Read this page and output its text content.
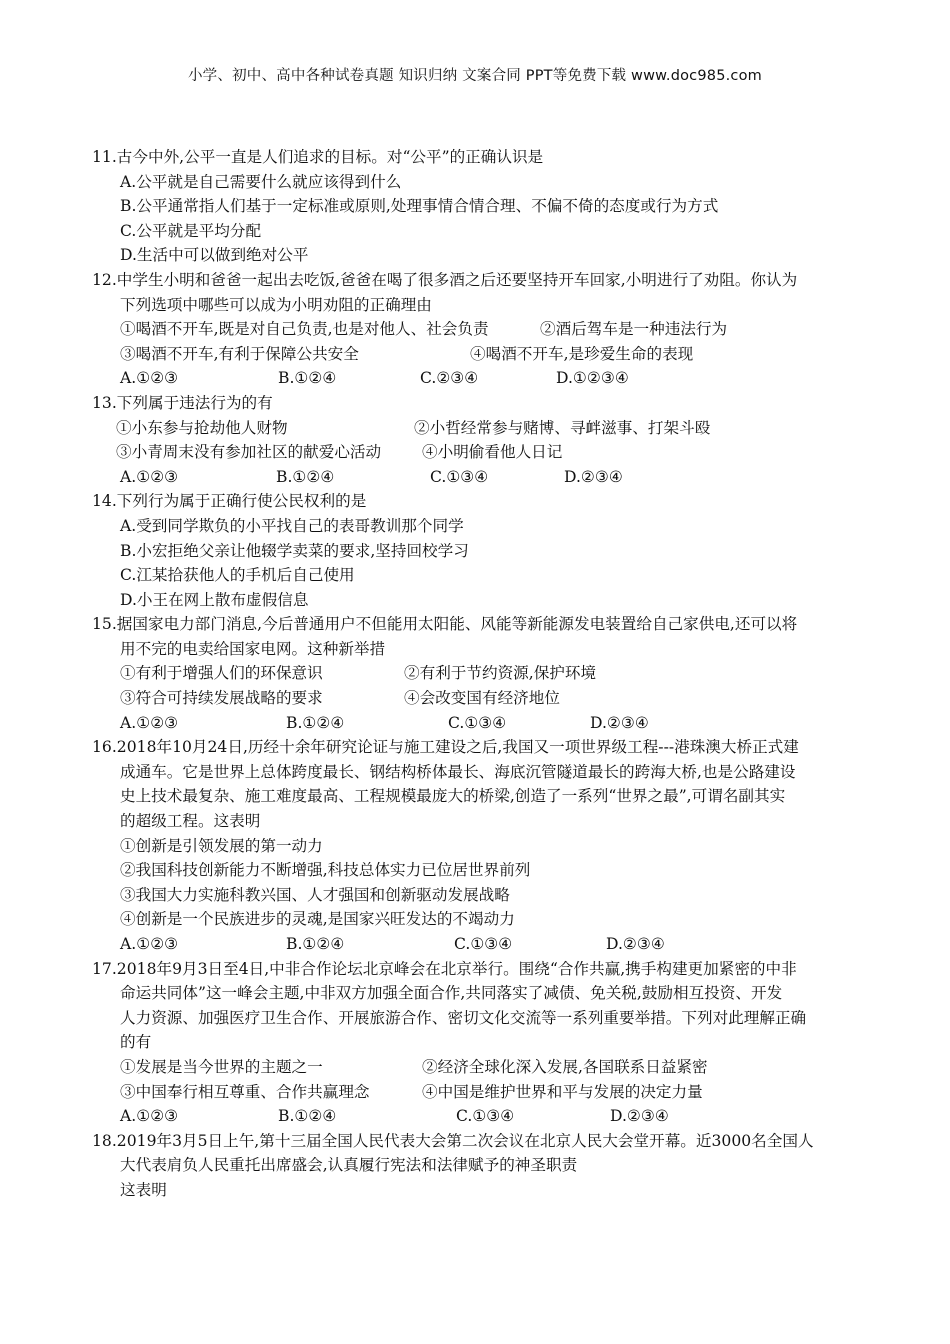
小学、初中、高中各种试卷真题 知识归纳 文案合同 PPT等免费下载 www.doc985.com
11.古今中外,公平一直是人们追求的目标。对“公平”的正确认识是
A.公平就是自己需要什么就应该得到什么
B.公平通常指人们基于一定标准或原则,处理事情合情合理、不偏不倚的态度或行为方式
C.公平就是平均分配
D.生活中可以做到绝对公平
12.中学生小明和爸爸一起出去吃饭,爸爸在喝了很多酒之后还要坚持开车回家,小明进行了劝阻。你认为
下列选项中哪些可以成为小明劝阻的正确理由
①喝酒不开车,既是对自己负责,也是对他人、社会负责	②酒后驾车是一种违法行为
③喝酒不开车,有利于保障公共安全	④喝酒不开车,是珍爱生命的表现
A.①②③	B.①②④	C.②③④	D.①②③④
13.下列属于违法行为的有
①小东参与抢劫他人财物	②小哲经常参与赌博、寻衅滋事、打架斗殴
③小青周末没有参加社区的献爱心活动	④小明偷看他人日记
A.①②③	B.①②④	C.①③④	D.②③④
14.下列行为属于正确行使公民权利的是
A.受到同学欺负的小平找自己的表哥教训那个同学
B.小宏拒绝父亲让他辍学卖菜的要求,坚持回校学习
C.江某拾获他人的手机后自己使用
D.小王在网上散布虚假信息
15.据国家电力部门消息,今后普通用户不但能用太阳能、风能等新能源发电装置给自己家供电,还可以将
用不完的电卖给国家电网。这种新举措
①有利于增强人们的环保意识	②有利于节约资源,保护环境
③符合可持续发展战略的要求	④会改变国有经济地位
A.①②③	B.①②④	C.①③④	D.②③④
16.2018年10月24日,历经十余年研究论证与施工建设之后,我国又一项世界级工程---港珠澳大桥正式建
成通车。它是世界上总体跨度最长、钢结构桥体最长、海底沉管隧道最长的跨海大桥,也是公路建设
史上技术最复杂、施工难度最高、工程规模最庞大的桥梁,创造了一系列“世界之最”,可谓名副其实
的超级工程。这表明
①创新是引领发展的第一动力
②我国科技创新能力不断增强,科技总体实力已位居世界前列
③我国大力实施科教兴国、人才强国和创新驱动发展战略
④创新是一个民族进步的灵魂,是国家兴旺发达的不竭动力
A.①②③	B.①②④	C.①③④	D.②③④
17.2018年9月3日至4日,中非合作论坛北京峰会在北京举行。围绕“合作共赢,携手构建更加紧密的中非
命运共同体”这一峰会主题,中非双方加强全面合作,共同落实了减债、免关税,鼓励相互投资、开发
人力资源、加强医疗卫生合作、开展旅游合作、密切文化交流等一系列重要举措。下列对此理解正确
的有
①发展是当今世界的主题之一	②经济全球化深入发展,各国联系日益紧密
③中国奉行相互尊重、合作共赢理念	④中国是维护世界和平与发展的决定力量
A.①②③	B.①②④	C.①③④	D.②③④
18.2019年3月5日上午,第十三届全国人民代表大会第二次会议在北京人民大会堂开幕。近3000名全国人
大代表肩负人民重托出席盛会,认真履行宪法和法律赋予的神圣职责
这表明
